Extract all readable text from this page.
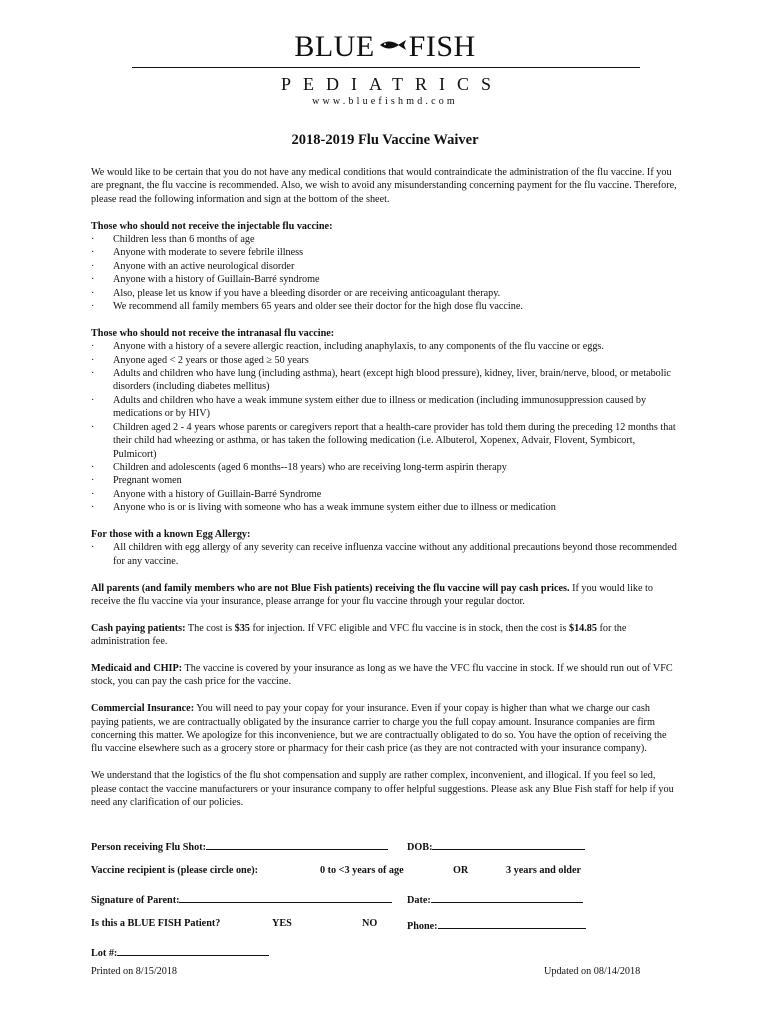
BLUE FISH
PEDIATRICS
www.bluefishmd.com
2018-2019 Flu Vaccine Waiver

We would like to be certain that you do not have any medical conditions that would contraindicate the administration of the flu vaccine. If you are pregnant, the flu vaccine is recommended. Also, we wish to avoid any misunderstanding concerning payment for the flu vaccine. Therefore, please read the following information and sign at the bottom of the sheet.

Those who should not receive the injectable flu vaccine:
· Children less than 6 months of age
· Anyone with moderate to severe febrile illness
· Anyone with an active neurological disorder
· Anyone with a history of Guillain-Barré syndrome
· Also, please let us know if you have a bleeding disorder or are receiving anticoagulant therapy.
· We recommend all family members 65 years and older see their doctor for the high dose flu vaccine.
Those who should not receive the intranasal flu vaccine:
· Anyone with a history of a severe allergic reaction, including anaphylaxis, to any components of the flu vaccine or eggs.
· Anyone aged < 2 years or those aged ≥ 50 years
· Adults and children who have lung (including asthma), heart (except high blood pressure), kidney, liver, brain/nerve, blood, or metabolic disorders (including diabetes mellitus)
· Adults and children who have a weak immune system either due to illness or medication (including immunosuppression caused by medications or by HIV)
· Children aged 2 - 4 years whose parents or caregivers report that a health-care provider has told them during the preceding 12 months that their child had wheezing or asthma, or has taken the following medication (i.e. Albuterol, Xopenex, Advair, Flovent, Symbicort, Pulmicort)
· Children and adolescents (aged 6 months--18 years) who are receiving long-term aspirin therapy
· Pregnant women
· Anyone with a history of Guillain-Barré Syndrome
· Anyone who is or is living with someone who has a weak immune system either due to illness or medication
For those with a known Egg Allergy:
· All children with egg allergy of any severity can receive influenza vaccine without any additional precautions beyond those recommended for any vaccine.

All parents (and family members who are not Blue Fish patients) receiving the flu vaccine will pay cash prices. If you would like to receive the flu vaccine via your insurance, please arrange for your flu vaccine through your regular doctor.

Cash paying patients: The cost is $35 for injection. If VFC eligible and VFC flu vaccine is in stock, then the cost is $14.85 for the administration fee.

Medicaid and CHIP: The vaccine is covered by your insurance as long as we have the VFC flu vaccine in stock. If we should run out of VFC stock, you can pay the cash price for the vaccine.

Commercial Insurance: You will need to pay your copay for your insurance. Even if your copay is higher than what we charge our cash paying patients, we are contractually obligated by the insurance carrier to charge you the full copay amount. Insurance companies are firm concerning this matter. We apologize for this inconvenience, but we are contractually obligated to do so. You have the option of receiving the flu vaccine elsewhere such as a grocery store or pharmacy for their cash price (as they are not contracted with your insurance company).

We understand that the logistics of the flu shot compensation and supply are rather complex, inconvenient, and illogical. If you feel so led, please contact the vaccine manufacturers or your insurance company to offer helpful suggestions. Please ask any Blue Fish staff for help if you need any clarification of our policies.

Person receiving Flu Shot:	DOB:
Vaccine recipient is (please circle one):	0 to <3 years of age	OR	3 years and older
Signature of Parent:	Date:
Is this a BLUE FISH Patient?	YES	NO	Phone:
Lot #:
Printed on 8/15/2018	Updated on 08/14/2018
